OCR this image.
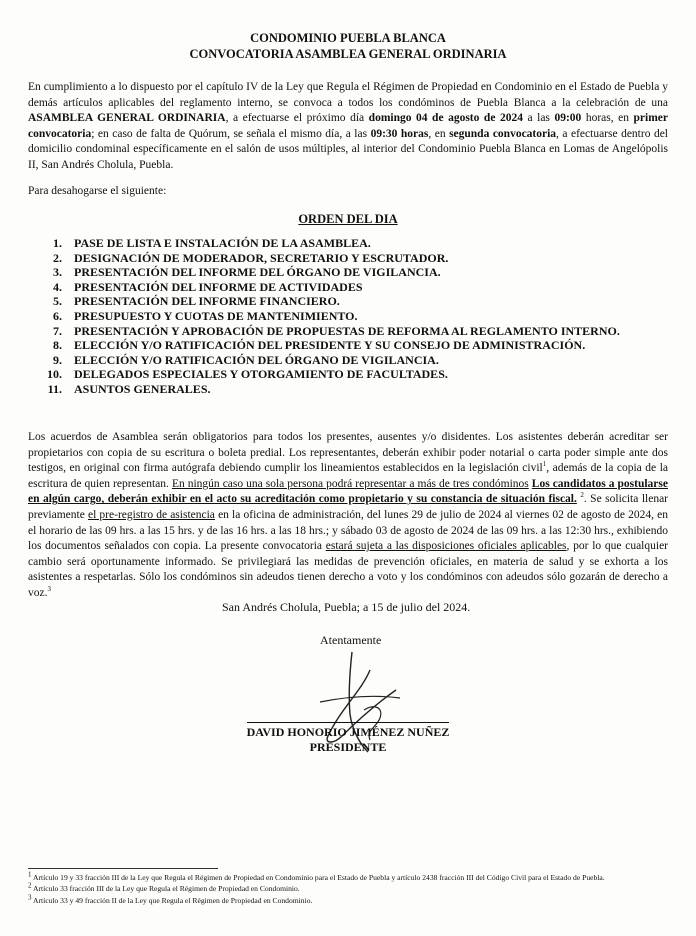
CONDOMINIO PUEBLA BLANCA
CONVOCATORIA ASAMBLEA GENERAL ORDINARIA
En cumplimiento a lo dispuesto por el capítulo IV de la Ley que Regula el Régimen de Propiedad en Condominio en el Estado de Puebla y demás artículos aplicables del reglamento interno, se convoca a todos los condóminos de Puebla Blanca a la celebración de una ASAMBLEA GENERAL ORDINARIA, a efectuarse el próximo día domingo 04 de agosto de 2024 a las 09:00 horas, en primer convocatoria; en caso de falta de Quórum, se señala el mismo día, a las 09:30 horas, en segunda convocatoria, a efectuarse dentro del domicilio condominal específicamente en el salón de usos múltiples, al interior del Condominio Puebla Blanca en Lomas de Angelópolis II, San Andrés Cholula, Puebla.
Para desahogarse el siguiente:
ORDEN DEL DIA
1.	PASE DE LISTA E INSTALACIÓN DE LA ASAMBLEA.
2.	DESIGNACIÓN DE MODERADOR, SECRETARIO Y ESCRUTADOR.
3.	PRESENTACIÓN DEL INFORME DEL ÓRGANO DE VIGILANCIA.
4.	PRESENTACIÓN DEL INFORME DE ACTIVIDADES
5.	PRESENTACIÓN DEL INFORME FINANCIERO.
6.	PRESUPUESTO Y CUOTAS DE MANTENIMIENTO.
7.	PRESENTACIÓN Y APROBACIÓN DE PROPUESTAS DE REFORMA AL REGLAMENTO INTERNO.
8.	ELECCIÓN Y/O RATIFICACIÓN DEL PRESIDENTE Y SU CONSEJO DE ADMINISTRACIÓN.
9.	ELECCIÓN Y/O RATIFICACIÓN DEL ÓRGANO DE VIGILANCIA.
10.	DELEGADOS ESPECIALES Y OTORGAMIENTO DE FACULTADES.
11.	ASUNTOS GENERALES.
Los acuerdos de Asamblea serán obligatorios para todos los presentes, ausentes y/o disidentes. Los asistentes deberán acreditar ser propietarios con copia de su escritura o boleta predial. Los representantes, deberán exhibir poder notarial o carta poder simple ante dos testigos, en original con firma autógrafa debiendo cumplir los lineamientos establecidos en la legislación civil$^1$, además de la copia de la escritura de quien representan. En ningún caso una sola persona podrá representar a más de tres condóminos Los candidatos a postularse en algún cargo, deberán exhibir en el acto su acreditación como propietario y su constancia de situación fiscal. $^2$. Se solicita llenar previamente el pre-registro de asistencia en la oficina de administración, del lunes 29 de julio de 2024 al viernes 02 de agosto de 2024, en el horario de las 09 hrs. a las 15 hrs. y de las 16 hrs. a las 18 hrs.; y sábado 03 de agosto de 2024 de las 09 hrs. a las 12:30 hrs., exhibiendo los documentos señalados con copia. La presente convocatoria estará sujeta a las disposiciones oficiales aplicables, por lo que cualquier cambio será oportunamente informado. Se privilegiará las medidas de prevención oficiales, en materia de salud y se exhorta a los asistentes a respetarlas. Sólo los condóminos sin adeudos tienen derecho a voto y los condóminos con adeudos sólo gozarán de derecho a voz.$^3$
San Andrés Cholula, Puebla; a 15 de julio del 2024.
Atentamente
DAVID HONORIO JIMÉNEZ NUÑEZ
PRESIDENTE
$^1$ Artículo 19 y 33 fracción III de la Ley que Regula el Régimen de Propiedad en Condominio para el Estado de Puebla y artículo 2438 fracción III del Código Civil para el Estado de Puebla.
$^2$ Artículo 33 fracción III de la Ley que Regula el Régimen de Propiedad en Condominio.
$^3$ Artículo 33 y 49 fracción II de la Ley que Regula el Régimen de Propiedad en Condominio.
